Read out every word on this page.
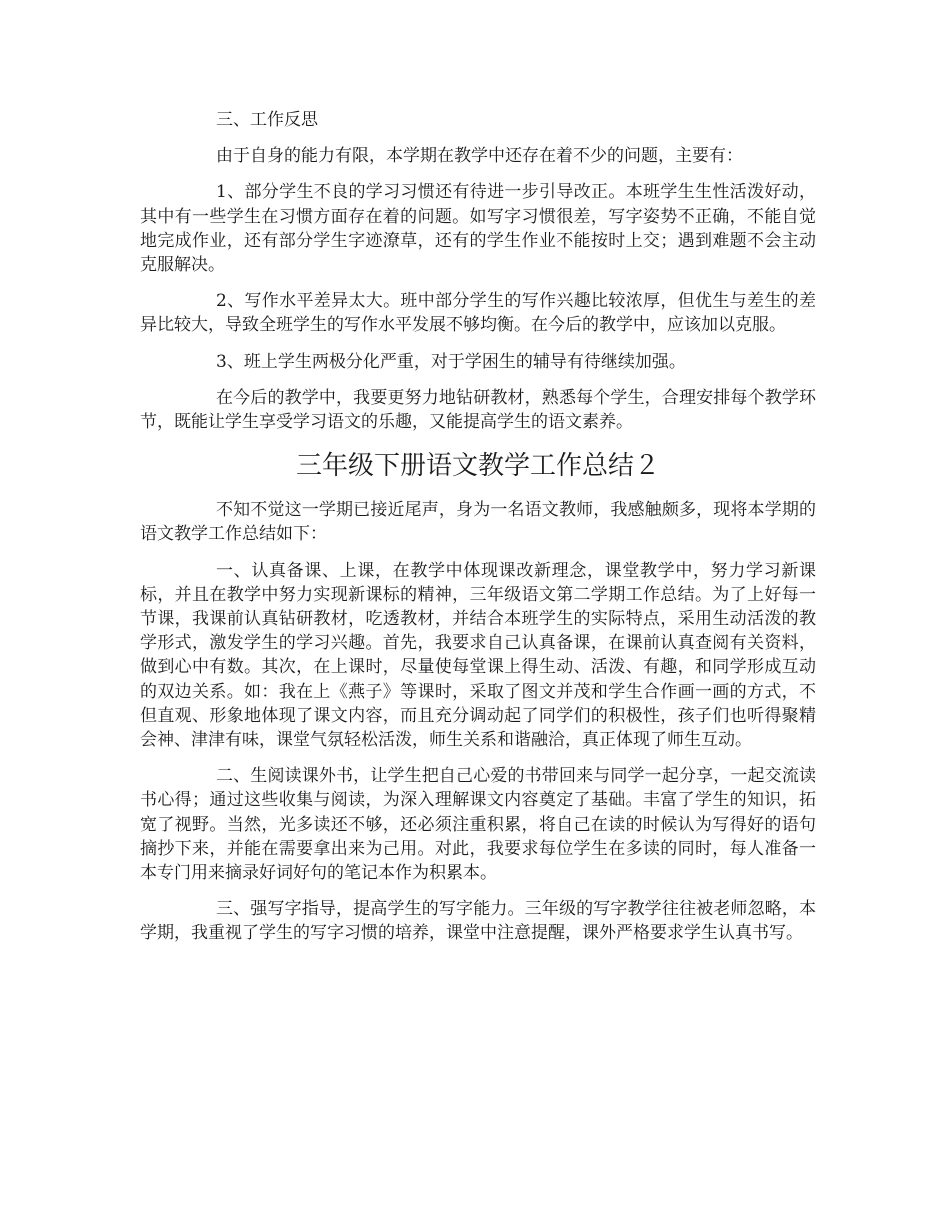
三、工作反思

由于自身的能力有限，本学期在教学中还存在着不少的问题，主要有：

1、部分学生不良的学习习惯还有待进一步引导改正。本班学生生性活泼好动，其中有一些学生在习惯方面存在着的问题。如写字习惯很差，写字姿势不正确，不能自觉地完成作业，还有部分学生字迹潦草，还有的学生作业不能按时上交；遇到难题不会主动克服解决。

2、写作水平差异太大。班中部分学生的写作兴趣比较浓厚，但优生与差生的差异比较大，导致全班学生的写作水平发展不够均衡。在今后的教学中，应该加以克服。

3、班上学生两极分化严重，对于学困生的辅导有待继续加强。

在今后的教学中，我要更努力地钻研教材，熟悉每个学生，合理安排每个教学环节，既能让学生享受学习语文的乐趣，又能提高学生的语文素养。

三年级下册语文教学工作总结２

不知不觉这一学期已接近尾声，身为一名语文教师，我感触颇多，现将本学期的语文教学工作总结如下：

一、认真备课、上课，在教学中体现课改新理念，课堂教学中，努力学习新课标，并且在教学中努力实现新课标的精神，三年级语文第二学期工作总结。为了上好每一节课，我课前认真钻研教材，吃透教材，并结合本班学生的实际特点，采用生动活泼的教学形式，激发学生的学习兴趣。首先，我要求自己认真备课，在课前认真查阅有关资料，做到心中有数。其次，在上课时，尽量使每堂课上得生动、活泼、有趣，和同学形成互动的双边关系。如：我在上《燕子》等课时，采取了图文并茂和学生合作画一画的方式，不但直观、形象地体现了课文内容，而且充分调动起了同学们的积极性，孩子们也听得聚精会神、津津有味，课堂气氛轻松活泼，师生关系和谐融洽，真正体现了师生互动。

二、生阅读课外书，让学生把自己心爱的书带回来与同学一起分享，一起交流读书心得；通过这些收集与阅读，为深入理解课文内容奠定了基础。丰富了学生的知识，拓宽了视野。当然，光多读还不够，还必须注重积累，将自己在读的时候认为写得好的语句摘抄下来，并能在需要拿出来为己用。对此，我要求每位学生在多读的同时，每人准备一本专门用来摘录好词好句的笔记本作为积累本。

三、强写字指导，提高学生的写字能力。三年级的写字教学往往被老师忽略，本学期，我重视了学生的写字习惯的培养，课堂中注意提醒，课外严格要求学生认真书写。
